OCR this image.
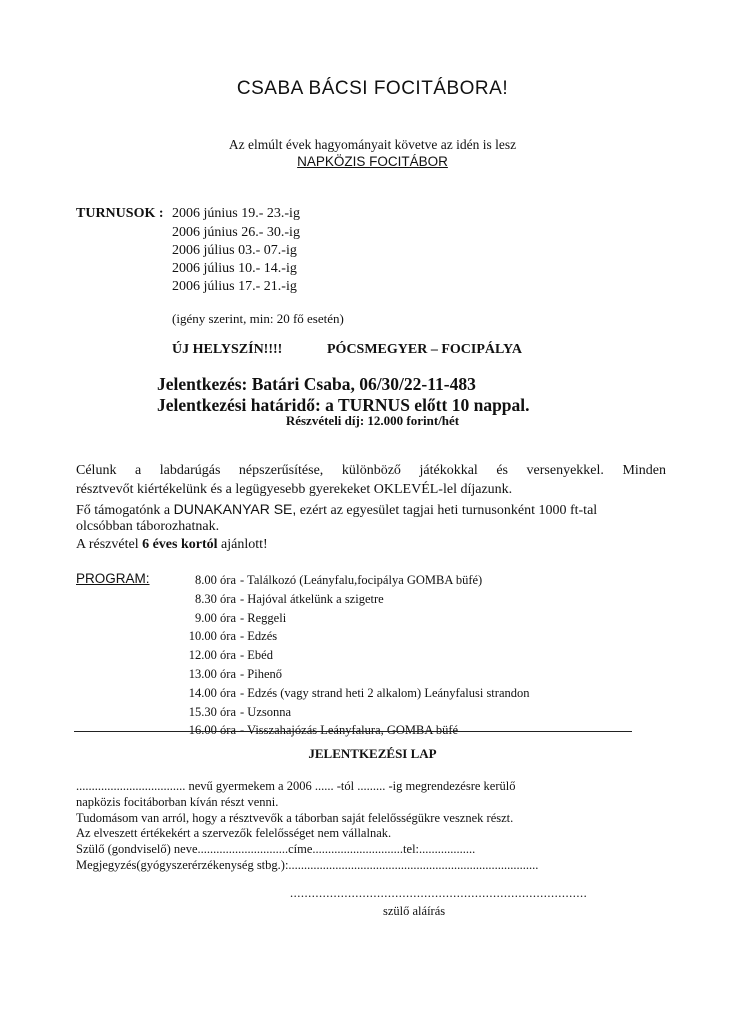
CSABA BÁCSI FOCITÁBORA!
Az elmúlt évek hagyományait követve az idén is lesz
NAPKÖZIS FOCITÁBOR
TURNUSOK : 2006 június 19.- 23.-ig
2006 június 26.- 30.-ig
2006 július 03.- 07.-ig
2006 július 10.- 14.-ig
2006 július 17.- 21.-ig
(igény szerint, min: 20 fő esetén)
ÚJ HELYSZÍN!!!!	PÓCSMEGYER – FOCIPÁLYA
Jelentkezés: Batári Csaba, 06/30/22-11-483
Jelentkezési határidő: a TURNUS előtt 10 nappal.
Részvételi díj: 12.000 forint/hét
Célunk a labdarúgás népszerűsítése, különböző játékokkal és versenyekkel. Minden
résztvevőt kiértékelünk és a legügyesebb gyerekeket OKLEVÉL-lel díjazunk.
Fő támogatónk a DUNAKANYAR SE, ezért az egyesület tagjai heti turnusonként 1000 ft-tal
olcsóbban táborozhatnak.
A részvétel 6 éves kortól ajánlott!
PROGRAM:	8.00 óra - Találkozó (Leányfalu,focipálya GOMBA büfé)
8.30 óra - Hajóval átkelünk a szigetre
9.00 óra - Reggeli
10.00 óra - Edzés
12.00 óra - Ebéd
13.00 óra - Pihenő
14.00 óra - Edzés (vagy strand heti 2 alkalom) Leányfalusi strandon
15.30 óra - Uzsonna
16.00 óra - Visszahajózás Leányfalura, GOMBA büfé
JELENTKEZÉSI LAP
................................... nevű gyermekem a 2006 ...... -tól ......... -ig megrendezésre kerülő
napközis focitáborban kíván részt venni.
Tudomásom van arról, hogy a résztvevők a táborban saját felelősségükre vesznek részt.
Az elveszett értékekért a szervezők felelősséget nem vállalnak.
Szülő (gondviselő) neve.............................címe.............................tel:..................
Megjegyzés(gyógyszerérzékenység stbg.):................................................................................
..................................................................................
szülő aláírás
